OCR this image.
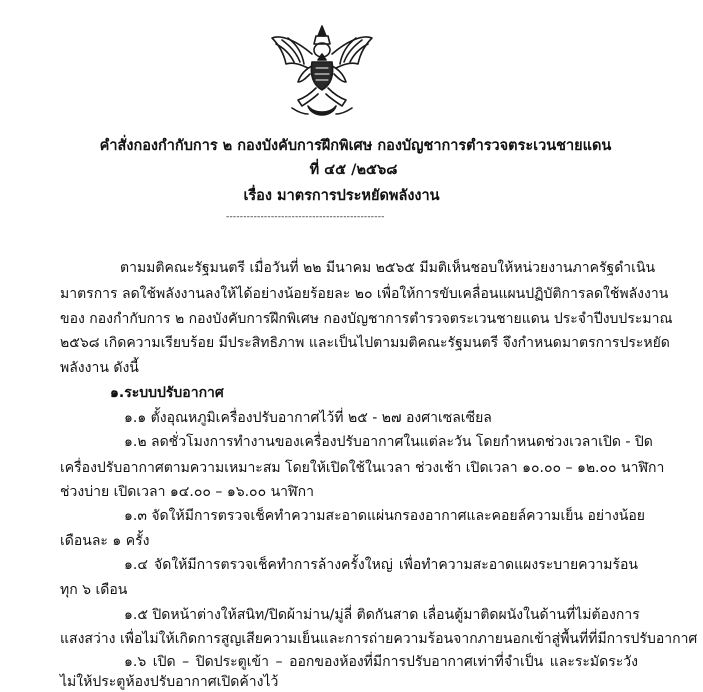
คำสั่งกองกำกับการ ๒ กองบังคับการฝึกพิเศษ กองบัญชาการตำรวจตระเวนชายแดน
ที่ ๔๕ /๒๕๖๘
เรื่อง มาตรการประหยัดพลังงาน
----------------------------------------------
ตามมติคณะรัฐมนตรี เมื่อวันที่ ๒๒ มีนาคม ๒๕๖๕ มีมติเห็นชอบให้หน่วยงานภาครัฐดำเนิน
มาตรการ ลดใช้พลังงานลงให้ได้อย่างน้อยร้อยละ ๒๐ เพื่อให้การขับเคลื่อนแผนปฏิบัติการลดใช้พลังงาน
ของ กองกำกับการ ๒ กองบังคับการฝึกพิเศษ กองบัญชาการตำรวจตระเวนชายแดน ประจำปีงบประมาณ
๒๕๖๘ เกิดความเรียบร้อย มีประสิทธิภาพ และเป็นไปตามมติคณะรัฐมนตรี จึงกำหนดมาตรการประหยัด
พลังงาน ดังนี้
๑.ระบบปรับอากาศ
๑.๑ ตั้งอุณหภูมิเครื่องปรับอากาศไว้ที่ ๒๕ - ๒๗ องศาเซลเซียล
๑.๒ ลดชั่วโมงการทำงานของเครื่องปรับอากาศในแต่ละวัน โดยกำหนดช่วงเวลาเปิด - ปิด
เครื่องปรับอากาศตามความเหมาะสม โดยให้เปิดใช้ในเวลา ช่วงเช้า เปิดเวลา ๑๐.๐๐ – ๑๒.๐๐ นาฬิกา
ช่วงบ่าย เปิดเวลา ๑๔.๐๐ – ๑๖.๐๐ นาฬิกา
๑.๓ จัดให้มีการตรวจเช็คทำความสะอาดแผ่นกรองอากาศและคอยล์ความเย็น อย่างน้อย
เดือนละ ๑ ครั้ง
๑.๔ จัดให้มีการตรวจเช็คทำการล้างครั้งใหญ่ เพื่อทำความสะอาดแผงระบายความร้อน
ทุก ๖ เดือน
๑.๕ ปิดหน้าต่างให้สนิท/ปิดผ้าม่าน/มู่ลี่ ติดกันสาด เลื่อนตู้มาติดผนังในด้านที่ไม่ต้องการ
แสงสว่าง เพื่อไม่ให้เกิดการสูญเสียความเย็นและการถ่ายความร้อนจากภายนอกเข้าสู่พื้นที่ที่มีการปรับอากาศ
๑.๖ เปิด – ปิดประตูเข้า – ออกของห้องที่มีการปรับอากาศเท่าที่จำเป็น และระมัดระวัง
ไม่ให้ประตูห้องปรับอากาศเปิดค้างไว้
